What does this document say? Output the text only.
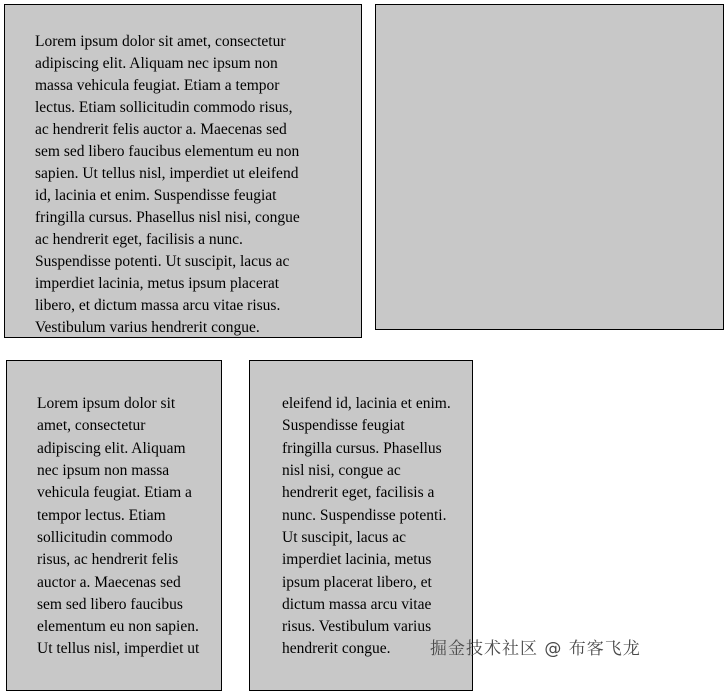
Lorem ipsum dolor sit amet, consectetur adipiscing elit. Aliquam nec ipsum non massa vehicula feugiat. Etiam a tempor lectus. Etiam sollicitudin commodo risus, ac hendrerit felis auctor a. Maecenas sed sem sed libero faucibus elementum eu non sapien. Ut tellus nisl, imperdiet ut eleifend id, lacinia et enim. Suspendisse feugiat fringilla cursus. Phasellus nisl nisi, congue ac hendrerit eget, facilisis a nunc. Suspendisse potenti. Ut suscipit, lacus ac imperdiet lacinia, metus ipsum placerat libero, et dictum massa arcu vitae risus. Vestibulum varius hendrerit congue.
Lorem ipsum dolor sit amet, consectetur adipiscing elit. Aliquam nec ipsum non massa vehicula feugiat. Etiam a tempor lectus. Etiam sollicitudin commodo risus, ac hendrerit felis auctor a. Maecenas sed sem sed libero faucibus elementum eu non sapien. Ut tellus nisl, imperdiet ut
eleifend id, lacinia et enim. Suspendisse feugiat fringilla cursus. Phasellus nisl nisi, congue ac hendrerit eget, facilisis a nunc. Suspendisse potenti. Ut suscipit, lacus ac imperdiet lacinia, metus ipsum placerat libero, et dictum massa arcu vitae risus. Vestibulum varius hendrerit congue.	掘金技术社区 @ 布客飞龙
